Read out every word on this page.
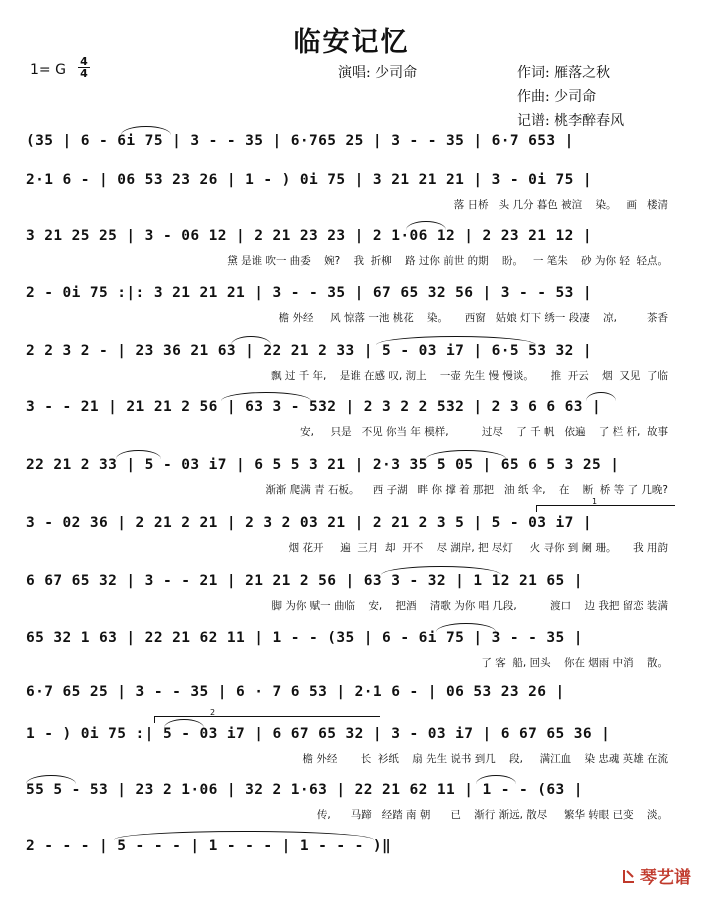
临安记忆
1= G
4
4	演唱: 少司命	作词: 雁落之秋
作曲: 少司命
记谱: 桃李醉春风
(35 | 6 - 6i 75 | 3 - - 35 | 6·765 25 | 3 - - 35 | 6·7 653 |
2·1 6 - | 06 53 23 26 | 1 - ) 0i 75 | 3 21 21 21 | 3 - 0i 75 |
落 日桥   头 几分 暮色 被渲    染。   画   楼清
3 21 25 25 | 3 - 06 12 | 2 21 23 23 | 2 1·06 12 | 2 23 21 12 |
黛 是谁 吹一 曲委    婉?    我  折柳    路 过你 前世 的期    盼。   一 笔朱    砂 为你 轻  轻点。
2 - 0i 75 :|: 3 21 21 21 | 3 - - 35 | 67 65 32 56 | 3 - - 53 |
檐 外经     风 惊落 一池 桃花    染。     西窗   姑娘 灯下 绣一 段凄    凉,         茶香
2 2 3 2 - | 23 36 21 63 | 22 21 2 33 | 5 - 03 i7 | 6·5 53 32 |
飘 过 千 年,    是谁 在感 叹, 沏上    一壶 先生 慢 慢谈。     推  开云    烟  又见  了临
3 - - 21 | 21 21 2 56 | 63 3 - 532 | 2 3 2 2 532 | 2 3 6 6 63 |
安,     只是   不见 你当 年 模样,          过尽    了 千 帆   依遍    了 栏 杆,  故事
22 21 2 33 | 5 - 03 i7 | 6 5 5 3 21 | 2·3 35 5 05 | 65 6 5 3 25 |
渐渐 爬满 青 石板。    西 子湖   畔 你 撑 着 那把   油 纸 伞,    在    断  桥 等 了 几晚?
3 - 02 36 | 2 21 2 21 | 2 3 2 03 21 | 2 21 2 3 5 | 5 - 03 i7 |
1
烟 花开     遍  三月  却  开不    尽 湖岸, 把 尽灯     火 寻你 到 阑 珊。     我 用韵
6 67 65 32 | 3 - - 21 | 21 21 2 56 | 63 3 - 32 | 1 12 21 65 |
脚 为你 赋一 曲临    安,    把酒    清歌 为你 唱 几段,          渡口    边 我把 留恋 装满
65 32 1 63 | 22 21 62 11 | 1 - - (35 | 6 - 6i 75 | 3 - - 35 |
了 客  船, 回头    你在 烟雨 中消    散。
6·7 65 25 | 3 - - 35 | 6 · 7 6 53 | 2·1 6 - | 06 53 23 26 |
1 - ) 0i 75 :| 5 - 03 i7 | 6 67 65 32 | 3 - 03 i7 | 6 67 65 36 |
2
檐 外经       长  衫纸    扇 先生 说书 到几    段,     满江血    染 忠魂 英雄 在流
55 5 - 53 | 23 2 1·06 | 32 2 1·63 | 22 21 62 11 | 1 - - (63 |
传,      马蹄   经踏 南 朝      已    渐行 渐远, 散尽     繁华 转眼 已变    淡。
2 - - - | 5 - - - | 1 - - - | 1 - - - )‖
琴艺谱
